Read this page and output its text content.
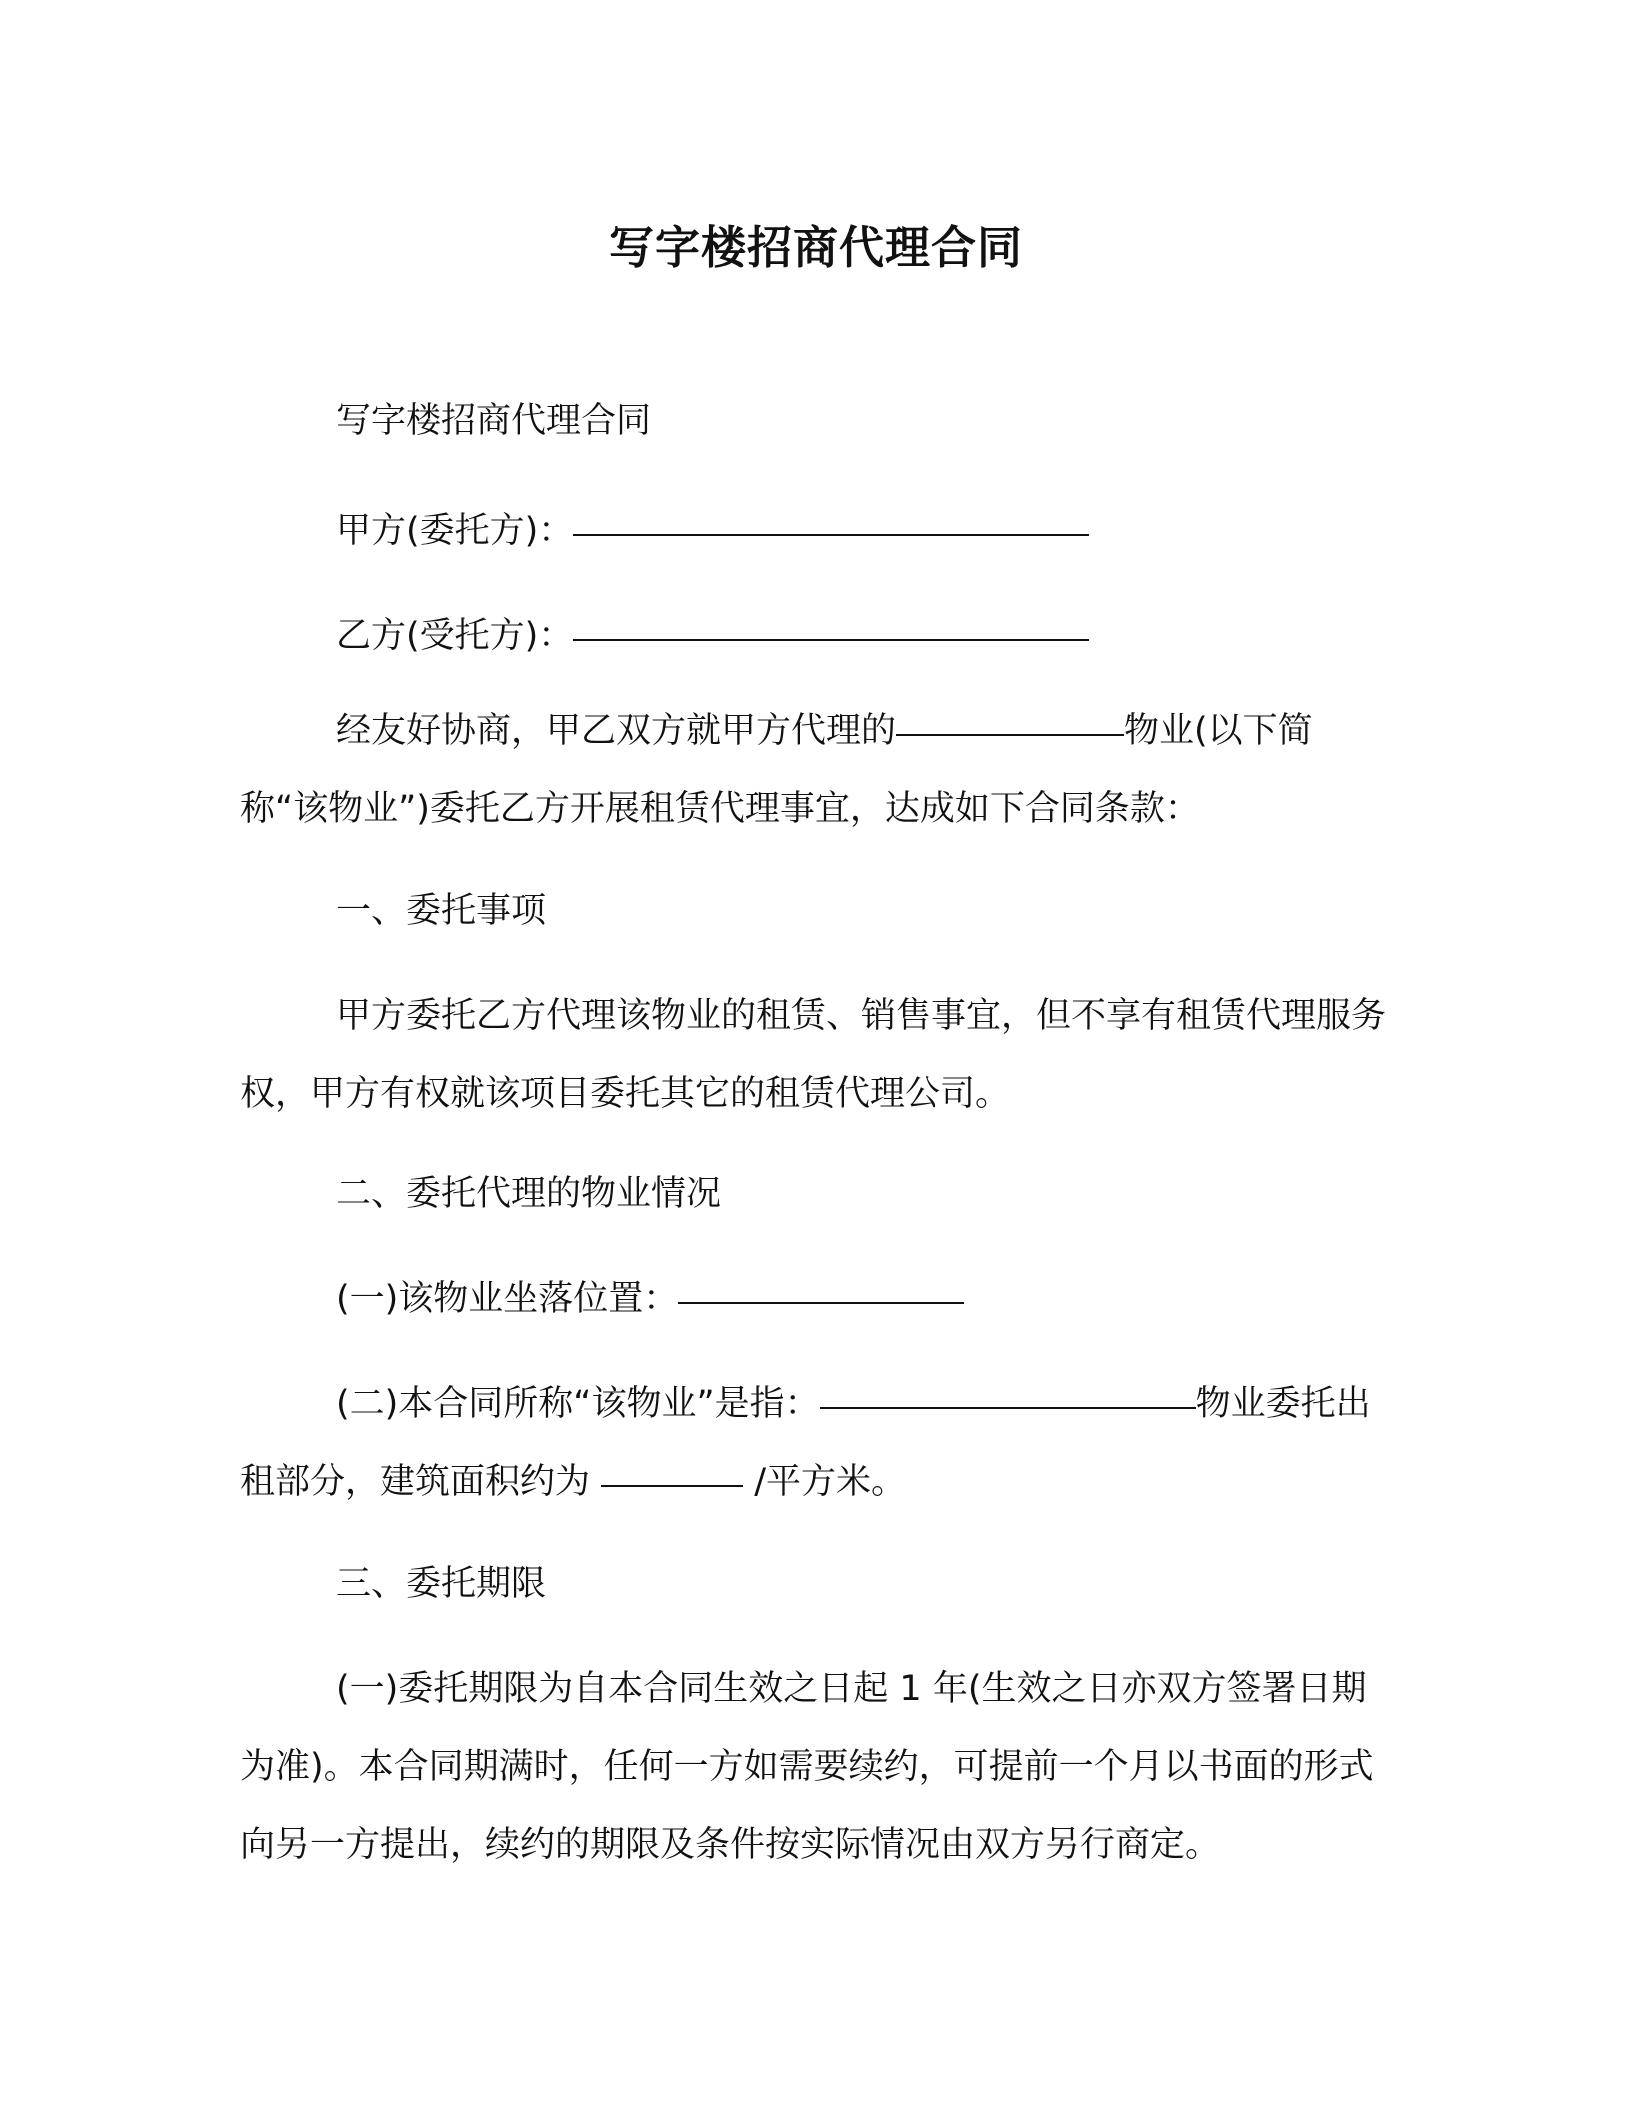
写字楼招商代理合同
写字楼招商代理合同
甲方(委托方)：
乙方(受托方)：
经友好协商，甲乙双方就甲方代理的	物业(以下简称“该物业”)委托乙方开展租赁代理事宜，达成如下合同条款：
一、委托事项
甲方委托乙方代理该物业的租赁、销售事宜，但不享有租赁代理服务权，甲方有权就该项目委托其它的租赁代理公司。
二、委托代理的物业情况
(一)该物业坐落位置：
(二)本合同所称“该物业”是指：	物业委托出租部分，建筑面积约为	/平方米。
三、委托期限
(一)委托期限为自本合同生效之日起 1 年(生效之日亦双方签署日期为准)。本合同期满时，任何一方如需要续约，可提前一个月以书面的形式向另一方提出，续约的期限及条件按实际情况由双方另行商定。
